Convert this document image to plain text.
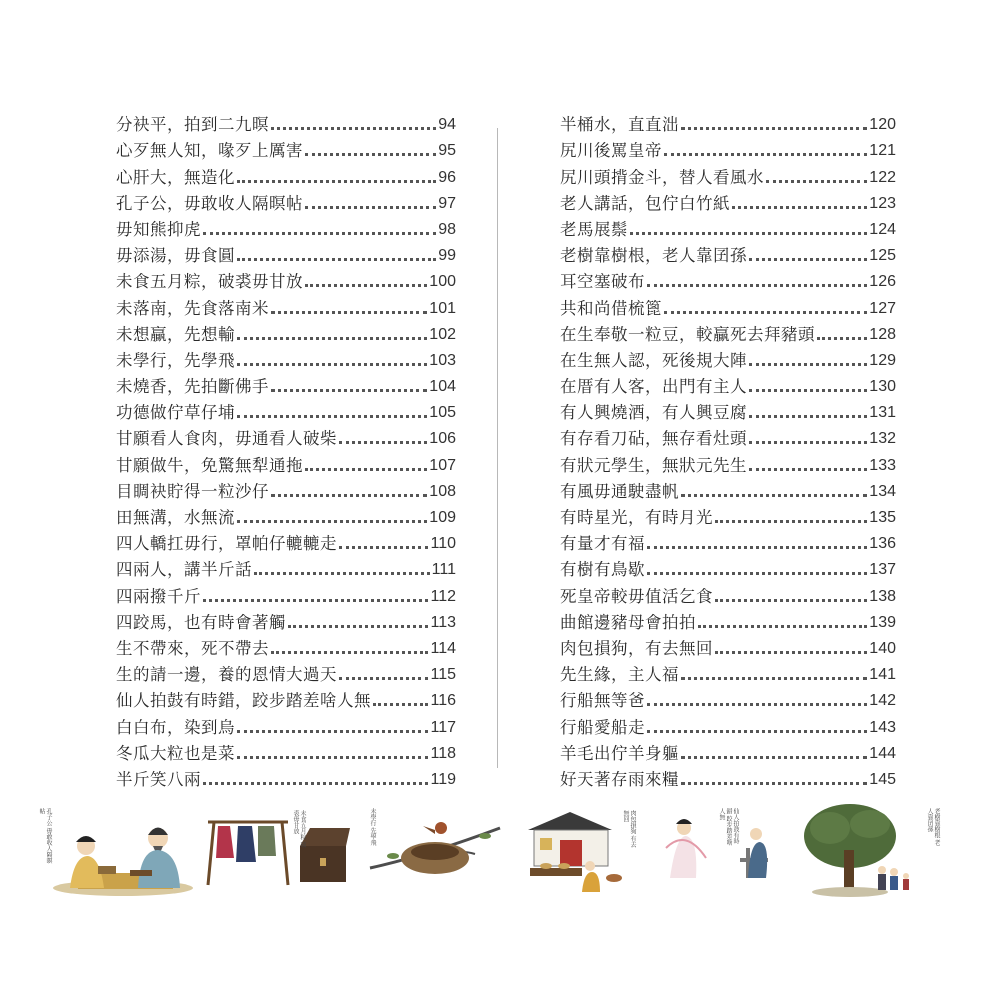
分袂平，拍到二九暝	94
心歹無人知，喙歹上厲害	95
心肝大，無造化	96
孔子公，毋敢收人隔暝帖	97
毋知熊抑虎	98
毋添湯，毋食圓	99
未食五月粽，破裘毋甘放	100
未落南，先食落南米	101
未想贏，先想輸	102
未學行，先學飛	103
未燒香，先拍斷佛手	104
功德做佇草仔埔	105
甘願看人食肉，毋通看人破柴	106
甘願做牛，免驚無犁通拖	107
目睭袂貯得一粒沙仔	108
田無溝，水無流	109
四人轎扛毋行，罩帕仔轆轆走	110
四兩人，講半斤話	111
四兩撥千斤	112
四跤馬，也有時會著觸	113
生不帶來，死不帶去	114
生的請一邊，養的恩情大過天	115
仙人拍鼓有時錯，跤步踏差啥人無	116
白白布，染到烏	117
冬瓜大粒也是菜	118
半斤笑八兩	119
半桶水，直直泏	120
尻川後罵皇帝	121
尻川頭揹金斗，替人看風水	122
老人講話，包佇白竹紙	123
老馬展鬃	124
老樹靠樹根，老人靠囝孫	125
耳空塞破布	126
共和尚借梳篦	127
在生奉敬一粒豆，較贏死去拜豬頭	128
在生無人認，死後規大陣	129
在厝有人客，出門有主人	130
有人興燒酒，有人興豆腐	131
有存看刀砧，無存看灶頭	132
有狀元學生，無狀元先生	133
有風毋通駛盡帆	134
有時星光，有時月光	135
有量才有福	136
有樹有鳥歇	137
死皇帝較毋值活乞食	138
曲館邊豬母會拍拍	139
肉包損狗，有去無回	140
先生緣，主人福	141
行船無等爸	142
行船愛船走	143
羊毛出佇羊身軀	144
好天著存雨來糧	145
孔子公 毋敢收人隔暝帖	未食五月粽 破裘毋甘放	未學行 先學飛	肉包損狗 有去無回	仙人拍鼓有時錯 跤步踏差啥人無	老樹靠樹根 老人靠囝孫
